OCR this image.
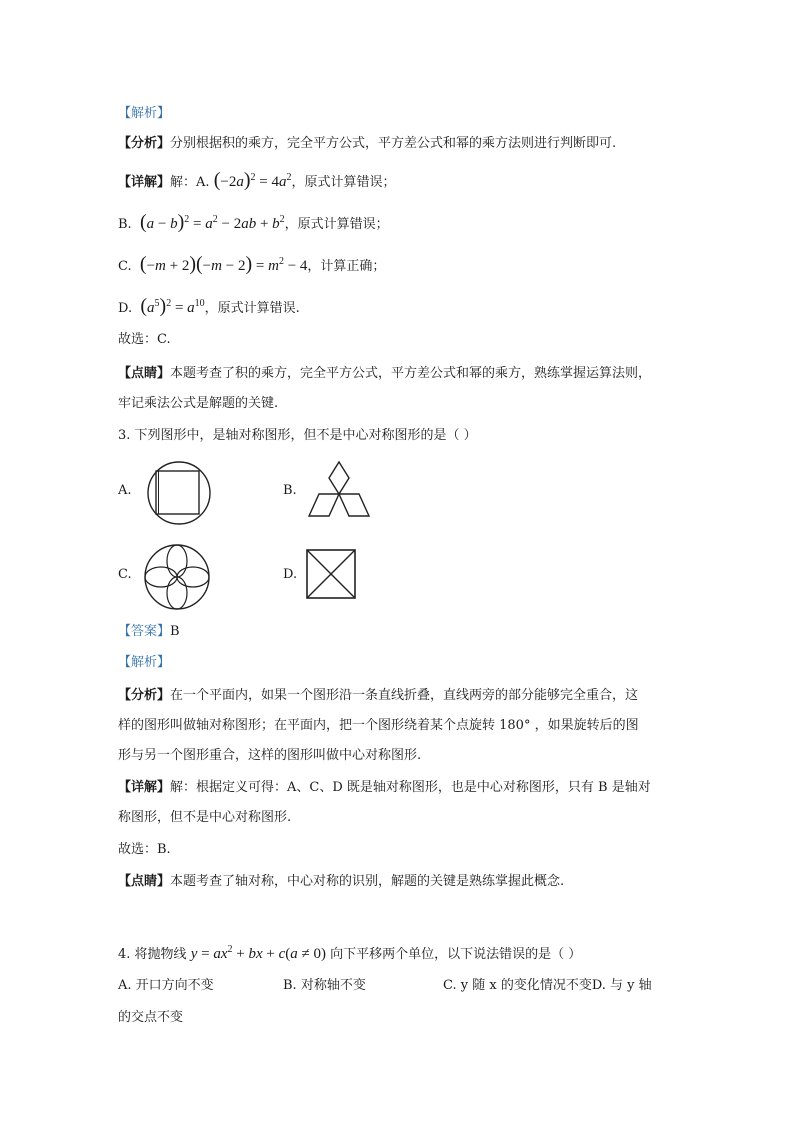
【解析】
【分析】分别根据积的乘方，完全平方公式，平方差公式和幂的乘方法则进行判断即可.
【详解】解：A. $(-2a)^2 = 4a^2$，原式计算错误；
B. $(a - b)^2 = a^2 - 2ab + b^2$，原式计算错误；
C. $(-m + 2)(-m - 2) = m^2 - 4$，计算正确；
D. $(a^5)^2 = a^{10}$，原式计算错误.
故选：C.
【点睛】本题考查了积的乘方，完全平方公式，平方差公式和幂的乘方，熟练掌握运算法则，
牢记乘法公式是解题的关键.
3. 下列图形中，是轴对称图形，但不是中心对称图形的是（ ）
A.	B.
C.	D.
【答案】B
【解析】
【分析】在一个平面内，如果一个图形沿一条直线折叠，直线两旁的部分能够完全重合，这
样的图形叫做轴对称图形；在平面内，把一个图形绕着某个点旋转 180° ，如果旋转后的图
形与另一个图形重合，这样的图形叫做中心对称图形.
【详解】解：根据定义可得：A、C、D 既是轴对称图形，也是中心对称图形，只有 B 是轴对
称图形，但不是中心对称图形.
故选：B.
【点睛】本题考查了轴对称，中心对称的识别，解题的关键是熟练掌握此概念.
4. 将抛物线 $y = ax^2$ + bx + c(a ≠ 0) 向下平移两个单位，以下说法错误的是（ ）
A. 开口方向不变	B. 对称轴不变	C. y 随 x 的变化情况不变D. 与 y 轴
的交点不变
